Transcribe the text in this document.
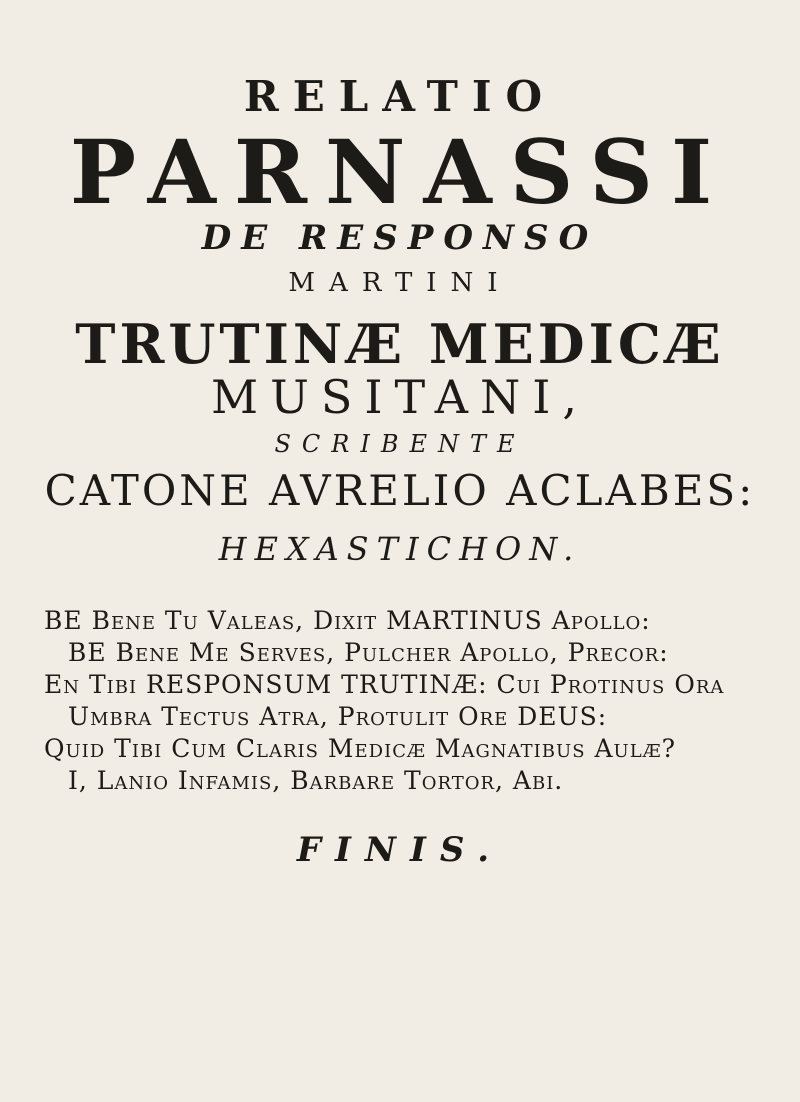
RELATIO
PARNASSI
DE RESPONSO
MARTINI
TRUTINÆ MEDICÆ
MUSITANI,
SCRIBENTE
CATONE AVRELIO ACLABES:
HEXASTICHON.
BE Bene Tu Valeas, Dixit MARTINUS Apollo:
BE Bene Me Serves, Pulcher Apollo, Precor:
En Tibi RESPONSUM TRUTINÆ: Cui Protinus Ora
Umbra Tectus Atra, Protulit Ore DEUS:
Quid Tibi Cum Claris Medicæ Magnatibus Aulæ?
I, Lanio Infamis, Barbare Tortor, Abi.
FINIS.
